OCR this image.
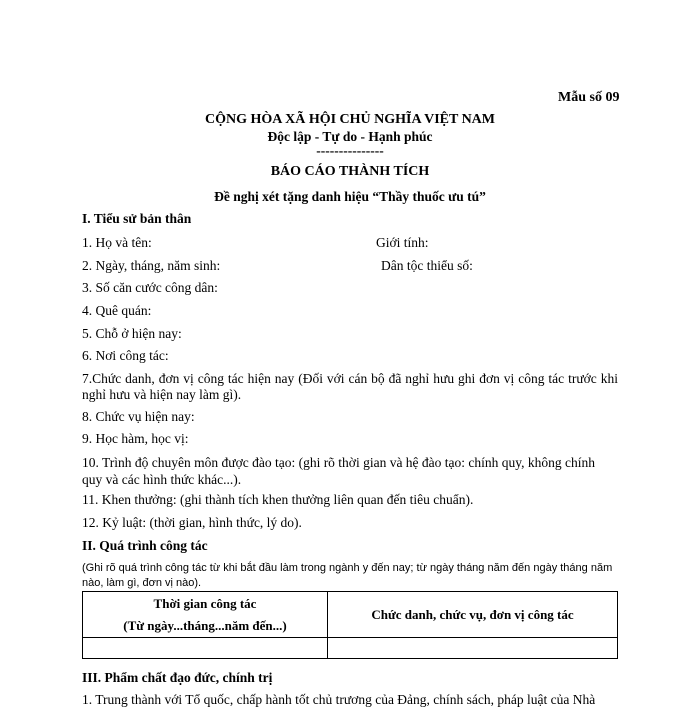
Mẫu số 09
CỘNG HÒA XÃ HỘI CHỦ NGHĨA VIỆT NAM
Độc lập - Tự do - Hạnh phúc
---------------
BÁO CÁO THÀNH TÍCH
Đề nghị xét tặng danh hiệu “Thầy thuốc ưu tú”
I. Tiểu sử bản thân
1. Họ và tên:	Giới tính:
2. Ngày, tháng, năm sinh:	Dân tộc thiểu số:
3. Số căn cước công dân:
4. Quê quán:
5. Chỗ ở hiện nay:
6. Nơi công tác:
7.Chức danh, đơn vị công tác hiện nay (Đối với cán bộ đã nghỉ hưu ghi đơn vị công tác trước khi nghỉ hưu và hiện nay làm gì).
8. Chức vụ hiện nay:
9. Học hàm, học vị:
10. Trình độ chuyên môn được đào tạo: (ghi rõ thời gian và hệ đào tạo: chính quy, không chính quy và các hình thức khác...).
11. Khen thưởng: (ghi thành tích khen thưởng liên quan đến tiêu chuẩn).
12. Kỷ luật: (thời gian, hình thức, lý do).
II. Quá trình công tác
(Ghi rõ quá trình công tác từ khi bắt đầu làm trong ngành y đến nay; từ ngày tháng năm đến ngày tháng năm nào, làm gì, đơn vị nào).
Thời gian công tác
(Từ ngày...tháng...năm đến...)	Chức danh, chức vụ, đơn vị công tác

III. Phẩm chất đạo đức, chính trị
1. Trung thành với Tổ quốc, chấp hành tốt chủ trương của Đảng, chính sách, pháp luật của Nhà
